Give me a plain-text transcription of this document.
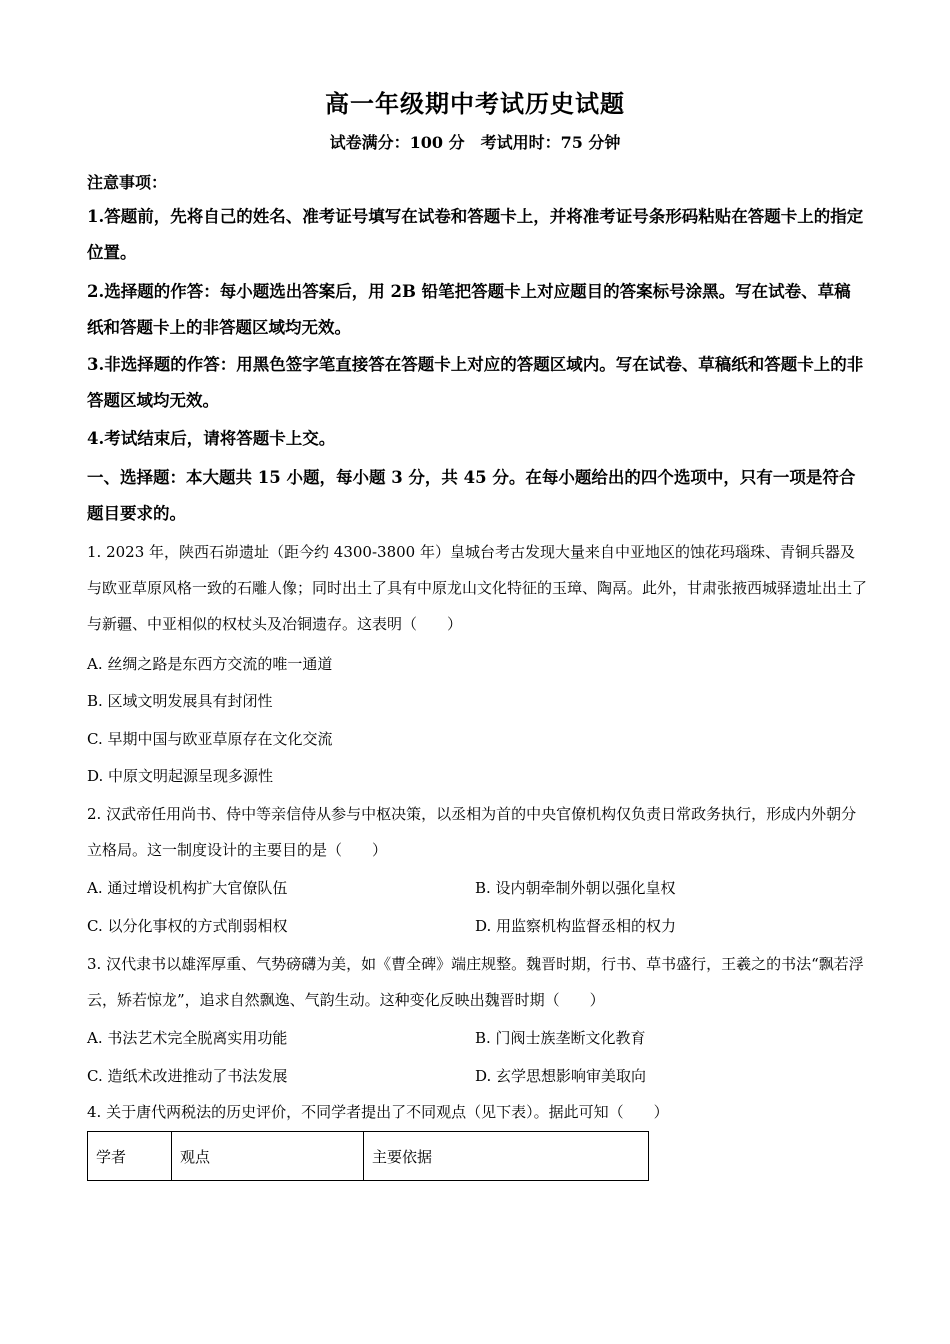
高一年级期中考试历史试题
试卷满分：100 分　考试用时：75 分钟
注意事项：
1.答题前，先将自己的姓名、准考证号填写在试卷和答题卡上，并将准考证号条形码粘贴在答题卡上的指定位置。
2.选择题的作答：每小题选出答案后，用 2B 铅笔把答题卡上对应题目的答案标号涂黑。写在试卷、草稿纸和答题卡上的非答题区域均无效。
3.非选择题的作答：用黑色签字笔直接答在答题卡上对应的答题区域内。写在试卷、草稿纸和答题卡上的非答题区域均无效。
4.考试结束后，请将答题卡上交。
一、选择题：本大题共 15 小题，每小题 3 分，共 45 分。在每小题给出的四个选项中，只有一项是符合题目要求的。
1. 2023 年，陕西石峁遗址（距今约 4300-3800 年）皇城台考古发现大量来自中亚地区的蚀花玛瑙珠、青铜兵器及与欧亚草原风格一致的石雕人像；同时出土了具有中原龙山文化特征的玉璋、陶鬲。此外，甘肃张掖西城驿遗址出土了与新疆、中亚相似的权杖头及冶铜遗存。这表明（　　）
A. 丝绸之路是东西方交流的唯一通道
B. 区域文明发展具有封闭性
C. 早期中国与欧亚草原存在文化交流
D. 中原文明起源呈现多源性
2. 汉武帝任用尚书、侍中等亲信侍从参与中枢决策，以丞相为首的中央官僚机构仅负责日常政务执行，形成内外朝分立格局。这一制度设计的主要目的是（　　）
A. 通过增设机构扩大官僚队伍	B. 设内朝牵制外朝以强化皇权
C. 以分化事权的方式削弱相权	D. 用监察机构监督丞相的权力
3. 汉代隶书以雄浑厚重、气势磅礴为美，如《曹全碑》端庄规整。魏晋时期，行书、草书盛行，王羲之的书法“飘若浮云，矫若惊龙”，追求自然飘逸、气韵生动。这种变化反映出魏晋时期（　　）
A. 书法艺术完全脱离实用功能	B. 门阀士族垄断文化教育
C. 造纸术改进推动了书法发展	D. 玄学思想影响审美取向
4. 关于唐代两税法的历史评价，不同学者提出了不同观点（见下表）。据此可知（　　）
学者	观点	主要依据
